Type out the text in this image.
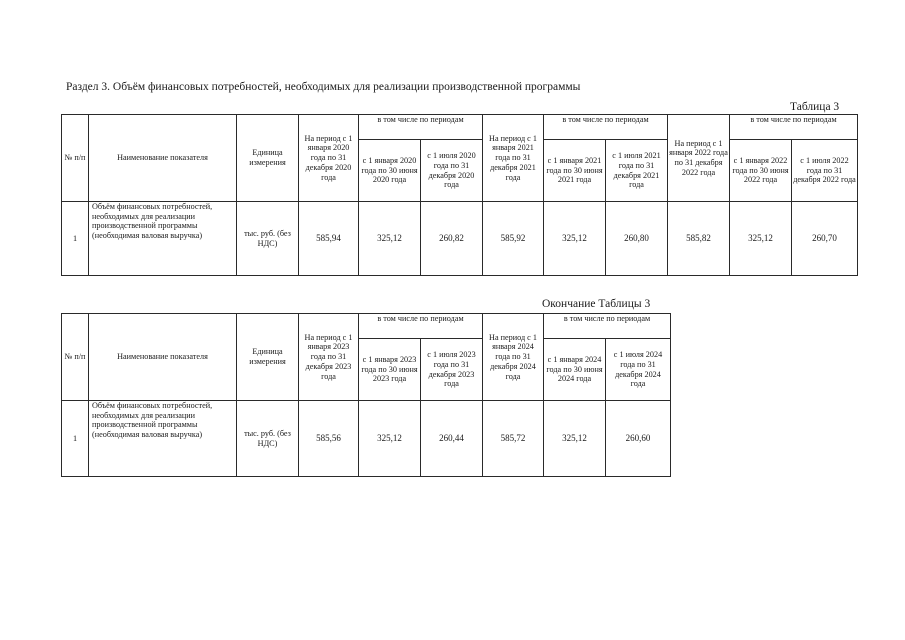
Раздел 3. Объём финансовых потребностей, необходимых для реализации производственной программы
Таблица 3
№ п/п	Наименование показателя	Единица измерения	На период с 1 января 2020 года по 31 декабря 2020 года	в том числе по периодам		На период с 1 января 2021 года по 31 декабря 2021 года	в том числе по периодам		На период с 1 января 2022 года по 31 декабря 2022 года	в том числе по периодам	
				с 1 января 2020 года по 30 июня 2020 года	с 1 июля 2020 года по 31 декабря 2020 года		с 1 января 2021 года по 30 июня 2021 года	с 1 июля 2021 года по 31 декабря 2021 года		с 1 января 2022 года по 30 июня 2022 года	с 1 июля 2022 года по 31 декабря 2022 года
1	Объём финансовых потребностей, необходимых для реализации производственной программы (необходимая валовая выручка)	тыс. руб. (без НДС)	585,94	325,12	260,82	585,92	325,12	260,80	585,82	325,12	260,70
Окончание Таблицы 3
№ п/п	Наименование показателя	Единица измерения	На период с 1 января 2023 года по 31 декабря 2023 года	в том числе по периодам		На период с 1 января 2024 года по 31 декабря 2024 года	в том числе по периодам	
				с 1 января 2023 года по 30 июня 2023 года	с 1 июля 2023 года по 31 декабря 2023 года		с 1 января 2024 года по 30 июня 2024 года	с 1 июля 2024 года по 31 декабря 2024 года
1	Объём финансовых потребностей, необходимых для реализации производственной программы (необходимая валовая выручка)	тыс. руб. (без НДС)	585,56	325,12	260,44	585,72	325,12	260,60
